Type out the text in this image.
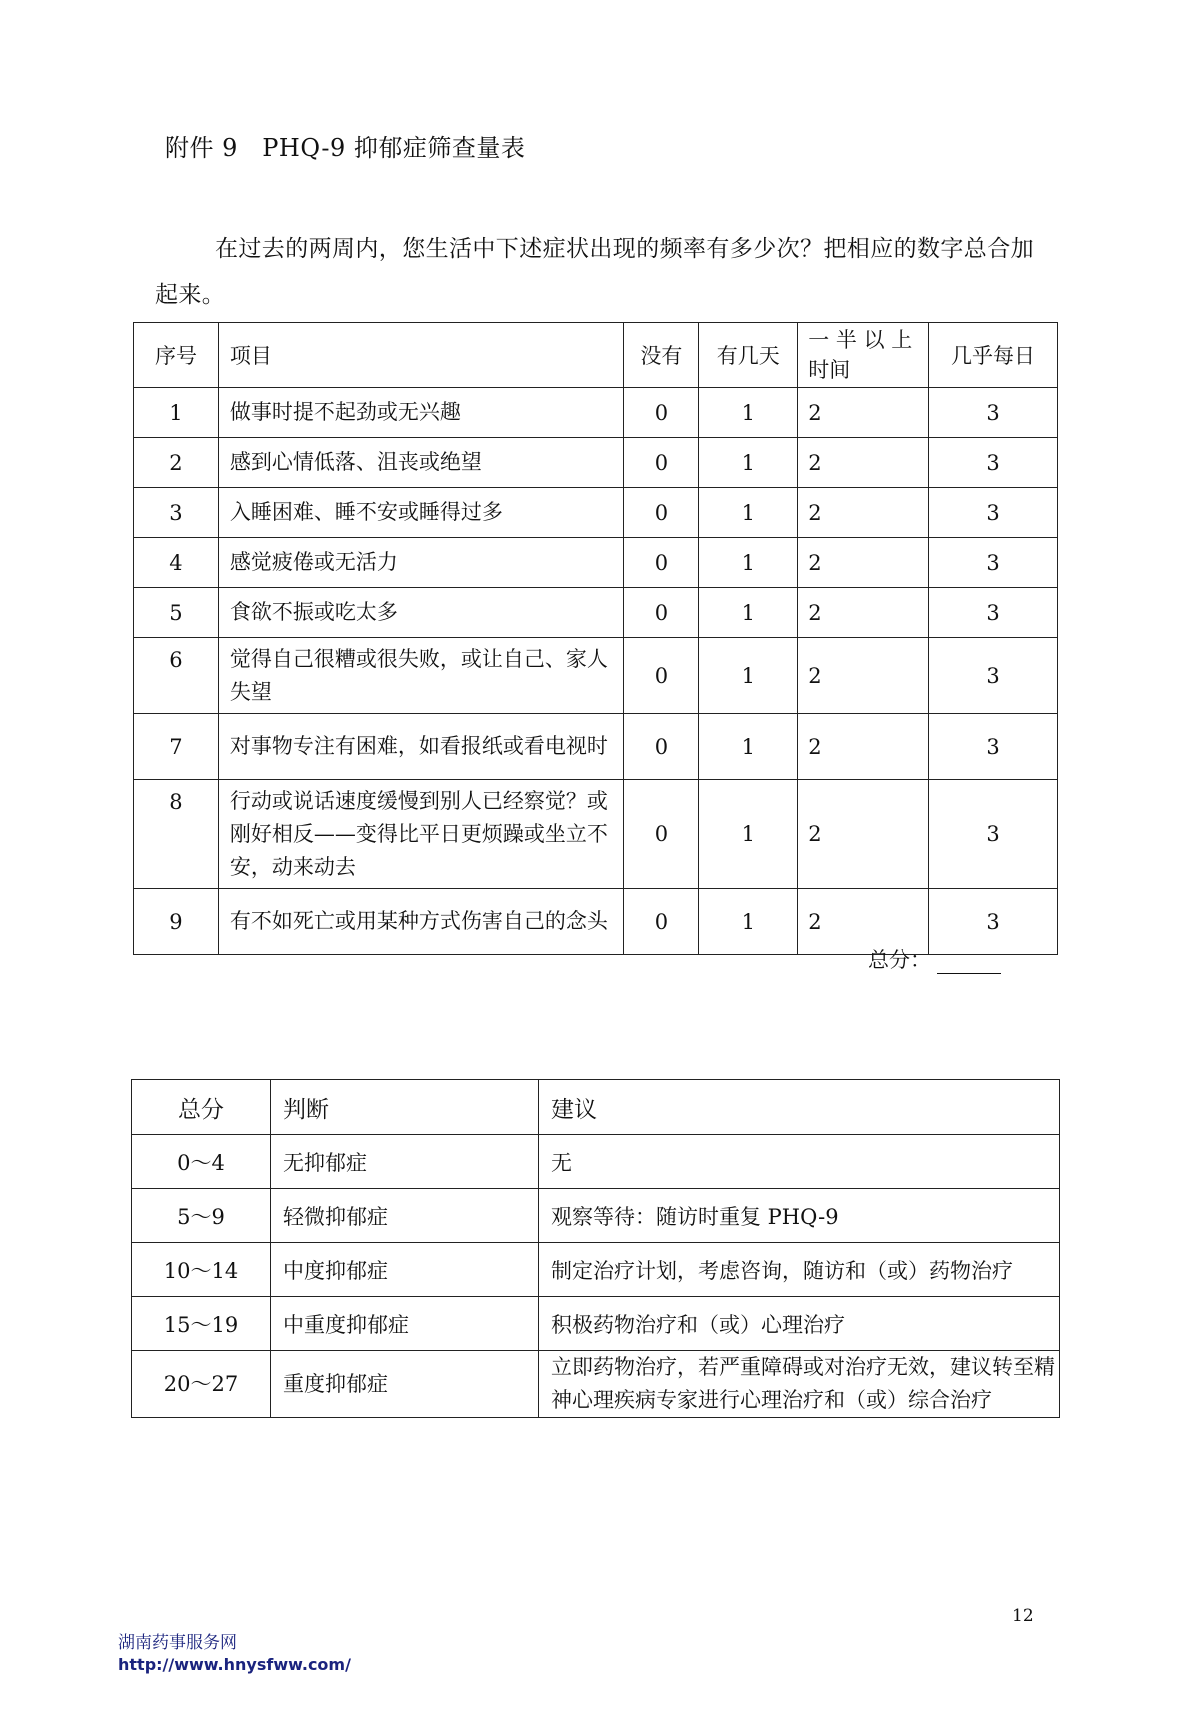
附件 9   PHQ-9 抑郁症筛查量表
在过去的两周内，您生活中下述症状出现的频率有多少次？把相应的数字总合加起来。
序号	项目	没有	有几天	一 半 以 上 时间	几乎每日
1	做事时提不起劲或无兴趣	0	1	2	3
2	感到心情低落、沮丧或绝望	0	1	2	3
3	入睡困难、睡不安或睡得过多	0	1	2	3
4	感觉疲倦或无活力	0	1	2	3
5	食欲不振或吃太多	0	1	2	3
6	觉得自己很糟或很失败，或让自己、家人失望	0	1	2	3
7	对事物专注有困难，如看报纸或看电视时	0	1	2	3
8	行动或说话速度缓慢到别人已经察觉？或刚好相反——变得比平日更烦躁或坐立不安，动来动去	0	1	2	3
9	有不如死亡或用某种方式伤害自己的念头	0	1	2	3
总分：
总分	判断	建议
0～4	无抑郁症	无
5～9	轻微抑郁症	观察等待：随访时重复 PHQ-9
10～14	中度抑郁症	制定治疗计划，考虑咨询，随访和（或）药物治疗
15～19	中重度抑郁症	积极药物治疗和（或）心理治疗
20～27	重度抑郁症	立即药物治疗，若严重障碍或对治疗无效，建议转至精神心理疾病专家进行心理治疗和（或）综合治疗
12
湖南药事服务网
http://www.hnysfww.com/
